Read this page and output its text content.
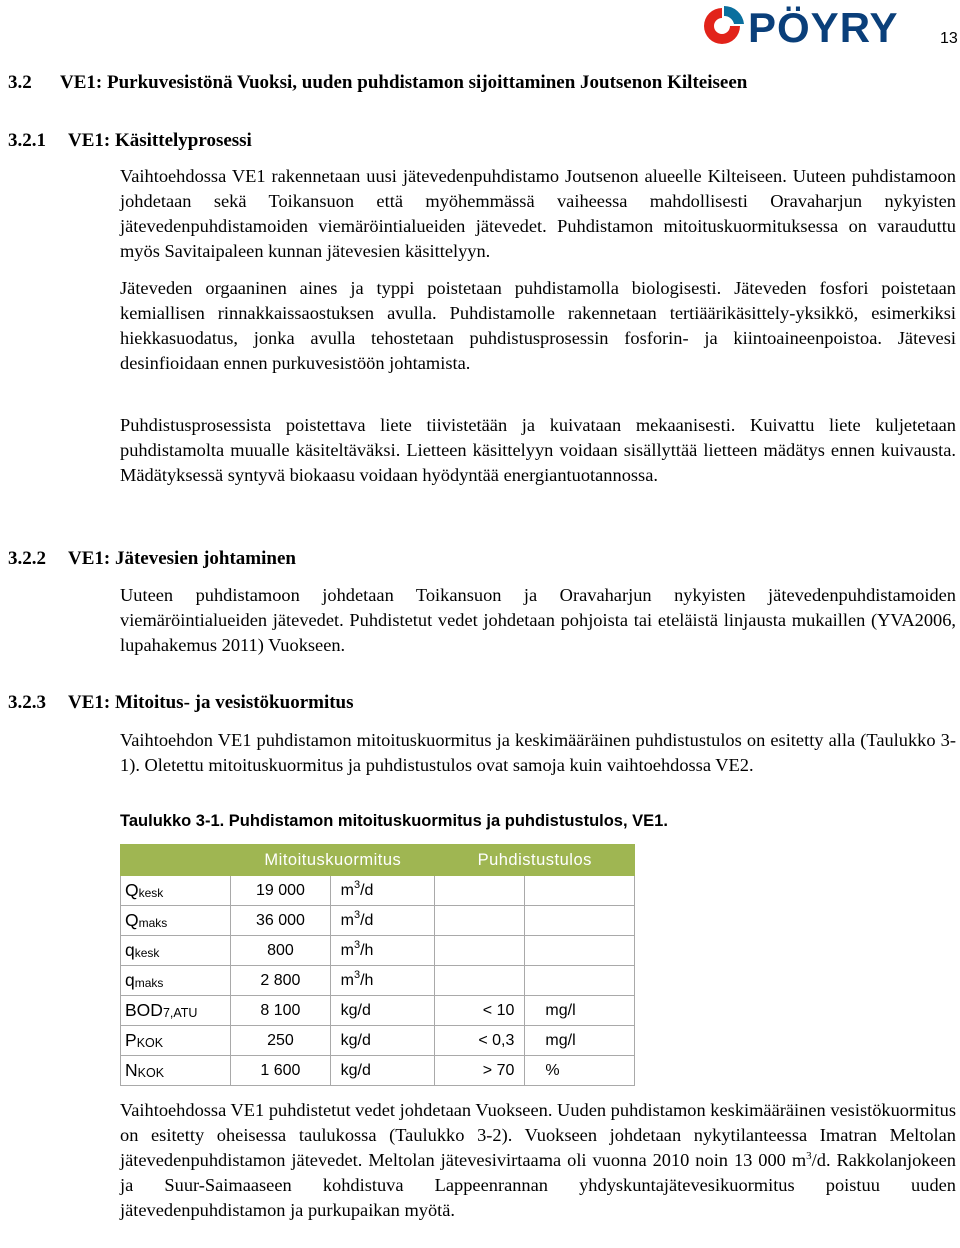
PÖYRY	13
3.2 VE1: Purkuvesistönä Vuoksi, uuden puhdistamon sijoittaminen Joutsenon Kilteiseen
3.2.1 VE1: Käsittelyprosessi
Vaihtoehdossa VE1 rakennetaan uusi jätevedenpuhdistamo Joutsenon alueelle Kilteiseen. Uuteen puhdistamoon johdetaan sekä Toikansuon että myöhemmässä vaiheessa mahdollisesti Oravaharjun nykyisten jätevedenpuhdistamoiden viemäröintialueiden jätevedet. Puhdistamon mitoituskuormituksessa on varauduttu myös Savitaipaleen kunnan jätevesien käsittelyyn.
Jäteveden orgaaninen aines ja typpi poistetaan puhdistamolla biologisesti. Jäteveden fosfori poistetaan kemiallisen rinnakkaissaostuksen avulla. Puhdistamolle rakennetaan tertiäärikäsittely-yksikkö, esimerkiksi hiekkasuodatus, jonka avulla tehostetaan puhdistusprosessin fosforin- ja kiintoaineenpoistoa. Jätevesi desinfioidaan ennen purkuvesistöön johtamista.
Puhdistusprosessista poistettava liete tiivistetään ja kuivataan mekaanisesti. Kuivattu liete kuljetetaan puhdistamolta muualle käsiteltäväksi. Lietteen käsittelyyn voidaan sisällyttää lietteen mädätys ennen kuivausta. Mädätyksessä syntyvä biokaasu voidaan hyödyntää energiantuotannossa.
3.2.2 VE1: Jätevesien johtaminen
Uuteen puhdistamoon johdetaan Toikansuon ja Oravaharjun nykyisten jätevedenpuhdistamoiden viemäröintialueiden jätevedet. Puhdistetut vedet johdetaan pohjoista tai eteläistä linjausta mukaillen (YVA2006, lupahakemus 2011) Vuokseen.
3.2.3 VE1: Mitoitus- ja vesistökuormitus
Vaihtoehdon VE1 puhdistamon mitoituskuormitus ja keskimääräinen puhdistustulos on esitetty alla (Taulukko 3-1). Oletettu mitoituskuormitus ja puhdistustulos ovat samoja kuin vaihtoehdossa VE2.
Taulukko 3-1. Puhdistamon mitoituskuormitus ja puhdistustulos, VE1.
	Mitoituskuormitus		Puhdistustulos	
$Q_{kesk}$	19 000	$m^3/d$		
$Q_{maks}$	36 000	$m^3/d$		
$q_{kesk}$	800	$m^3/h$		
$q_{maks}$	2 800	$m^3/h$		
$BOD_{7,ATU}$	8 100	kg/d	< 10	mg/l
$P_{KOK}$	250	kg/d	< 0,3	mg/l
$N_{KOK}$	1 600	kg/d	> 70	%
Vaihtoehdossa VE1 puhdistetut vedet johdetaan Vuokseen. Uuden puhdistamon keskimääräinen vesistökuormitus on esitetty oheisessa taulukossa (Taulukko 3-2). Vuokseen johdetaan nykytilanteessa Imatran Meltolan jätevedenpuhdistamon jätevedet. Meltolan jätevesivirtaama oli vuonna 2010 noin 13 000 $m^3/d$. Rakkolanjokeen ja Suur-Saimaaseen kohdistuva Lappeenrannan yhdyskuntajätevesikuormitus poistuu uuden jätevedenpuhdistamon ja purkupaikan myötä.
